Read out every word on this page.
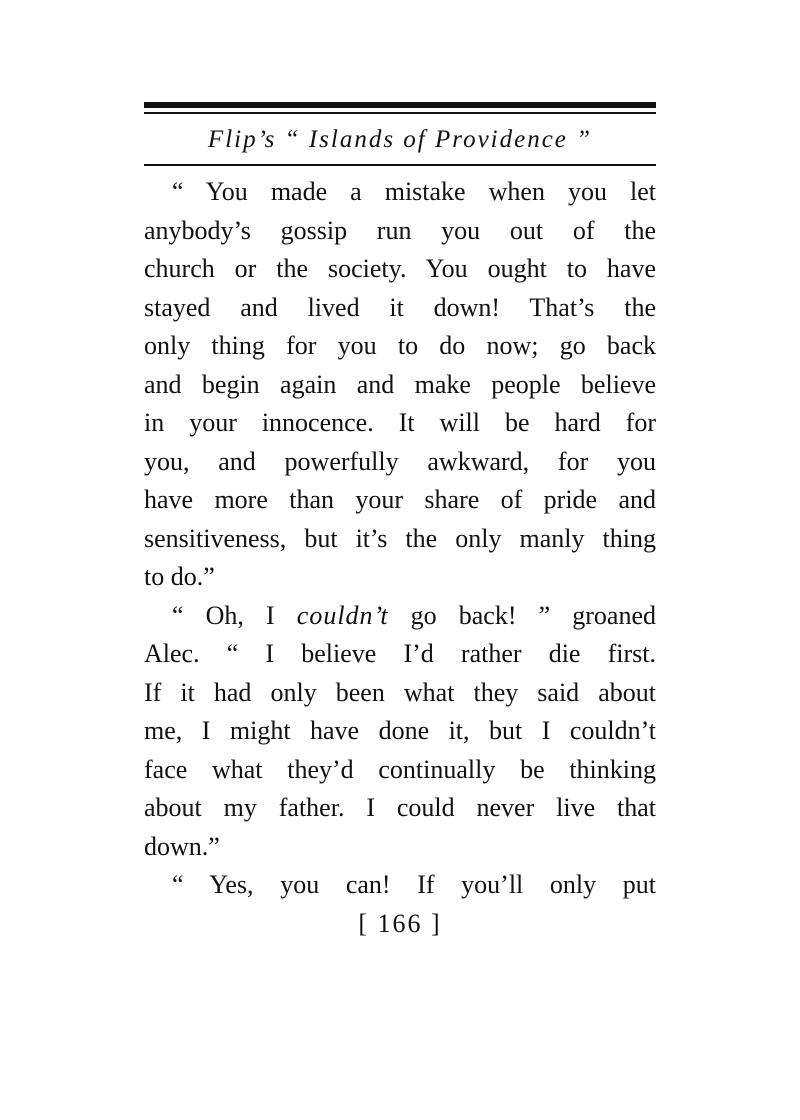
Flip’s “ Islands of Providence ”
“ You made a mistake when you let
anybody’s gossip run you out of the
church or the society. You ought to have
stayed and lived it down! That’s the
only thing for you to do now; go back
and begin again and make people believe
in your innocence. It will be hard for
you, and powerfully awkward, for you
have more than your share of pride and
sensitiveness, but it’s the only manly thing
to do.”
“ Oh, I couldn’t go back! ” groaned
Alec. “ I believe I’d rather die first.
If it had only been what they said about
me, I might have done it, but I couldn’t
face what they’d continually be thinking
about my father. I could never live that
down.”
“ Yes, you can! If you’ll only put
[ 166 ]
